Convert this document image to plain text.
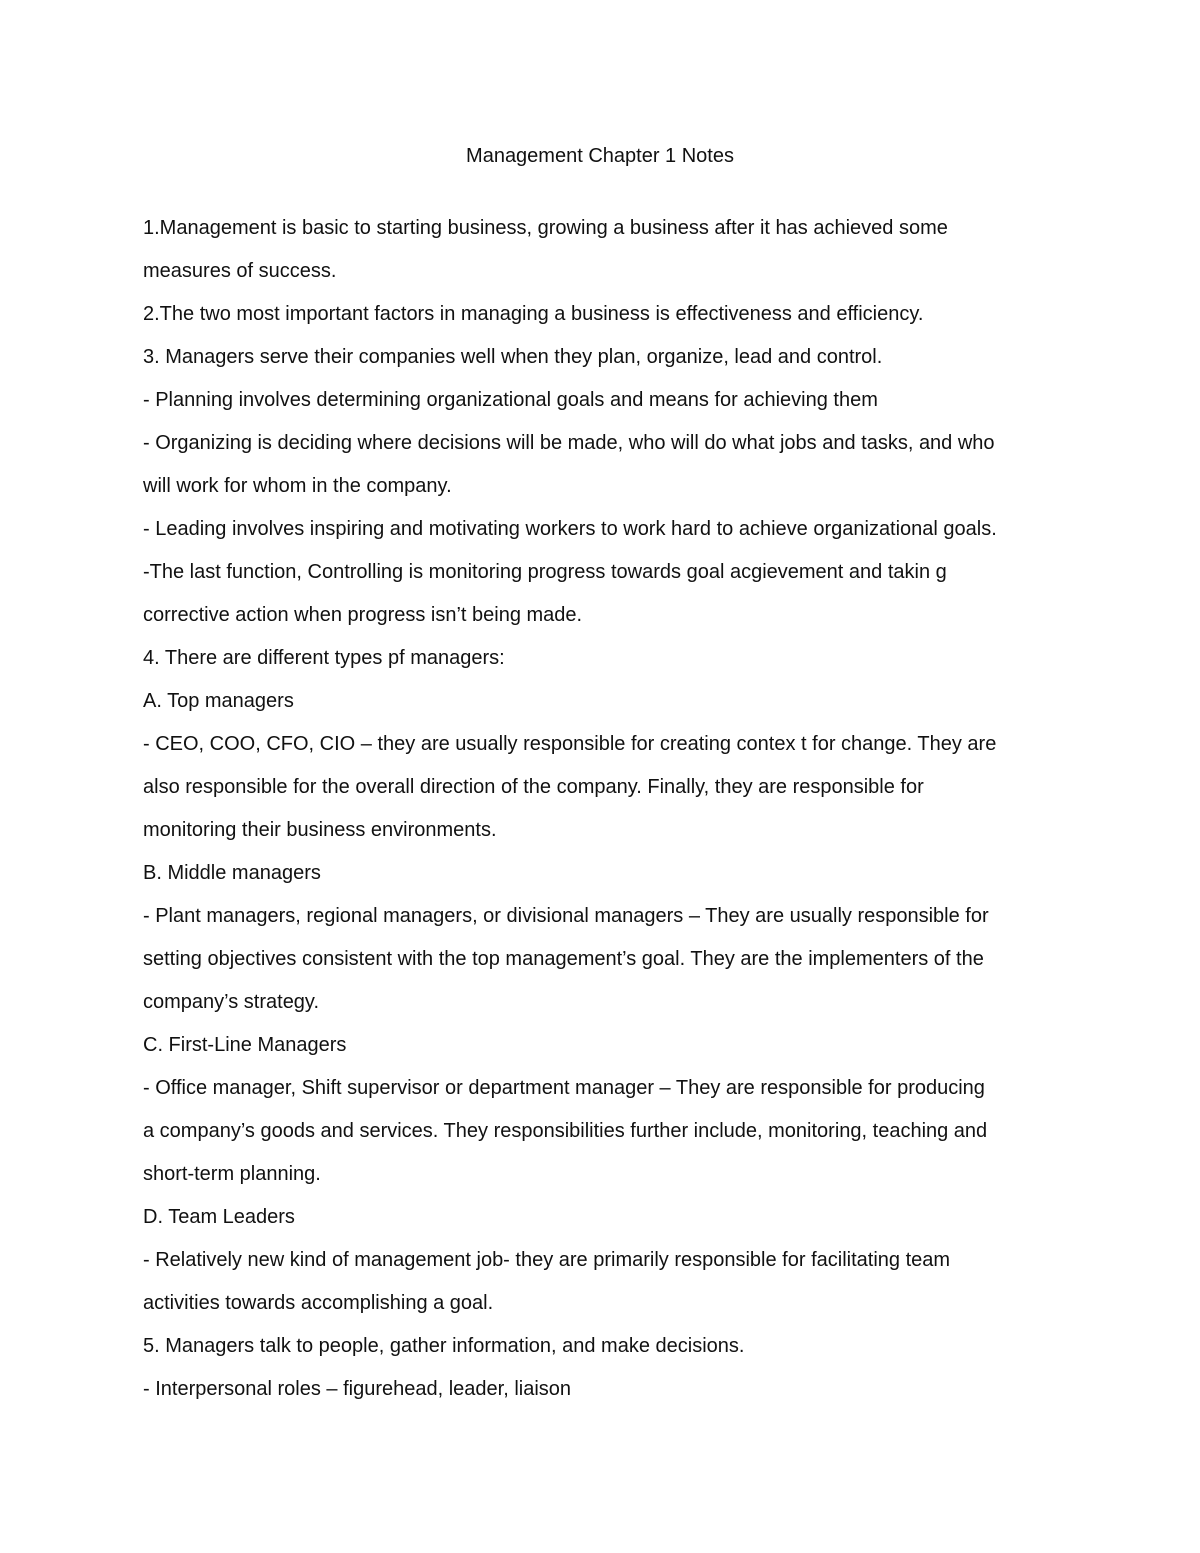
Management Chapter 1 Notes
1.Management is basic to starting business, growing a business after it has achieved some
measures of success.
2.The two most important factors in managing a business is effectiveness and efficiency.
3. Managers serve their companies well when they plan, organize, lead and control.
- Planning involves determining organizational goals and means for achieving them
- Organizing is deciding where decisions will be made, who will do what jobs and tasks, and who
will work for whom in the company.
- Leading involves inspiring and motivating workers to work hard to achieve organizational goals.
-The last function, Controlling is monitoring progress towards goal acgievement and takin g
corrective action when progress isn’t being made.
4. There are different types pf managers:
A. Top managers
- CEO, COO, CFO, CIO – they are usually responsible for creating contex t for change. They are
also responsible for the overall direction of the company. Finally, they are responsible for
monitoring their business environments.
B. Middle managers
- Plant managers, regional managers, or divisional managers – They are usually responsible for
setting objectives consistent with the top management’s goal. They are the implementers of the
company’s strategy.
C. First-Line Managers
- Office manager, Shift supervisor or department manager – They are responsible for producing
a company’s goods and services. They responsibilities further include, monitoring, teaching and
short-term planning.
D. Team Leaders
- Relatively new kind of management job- they are primarily responsible for facilitating team
activities towards accomplishing a goal.
5. Managers talk to people, gather information, and make decisions.
- Interpersonal roles – figurehead, leader, liaison
